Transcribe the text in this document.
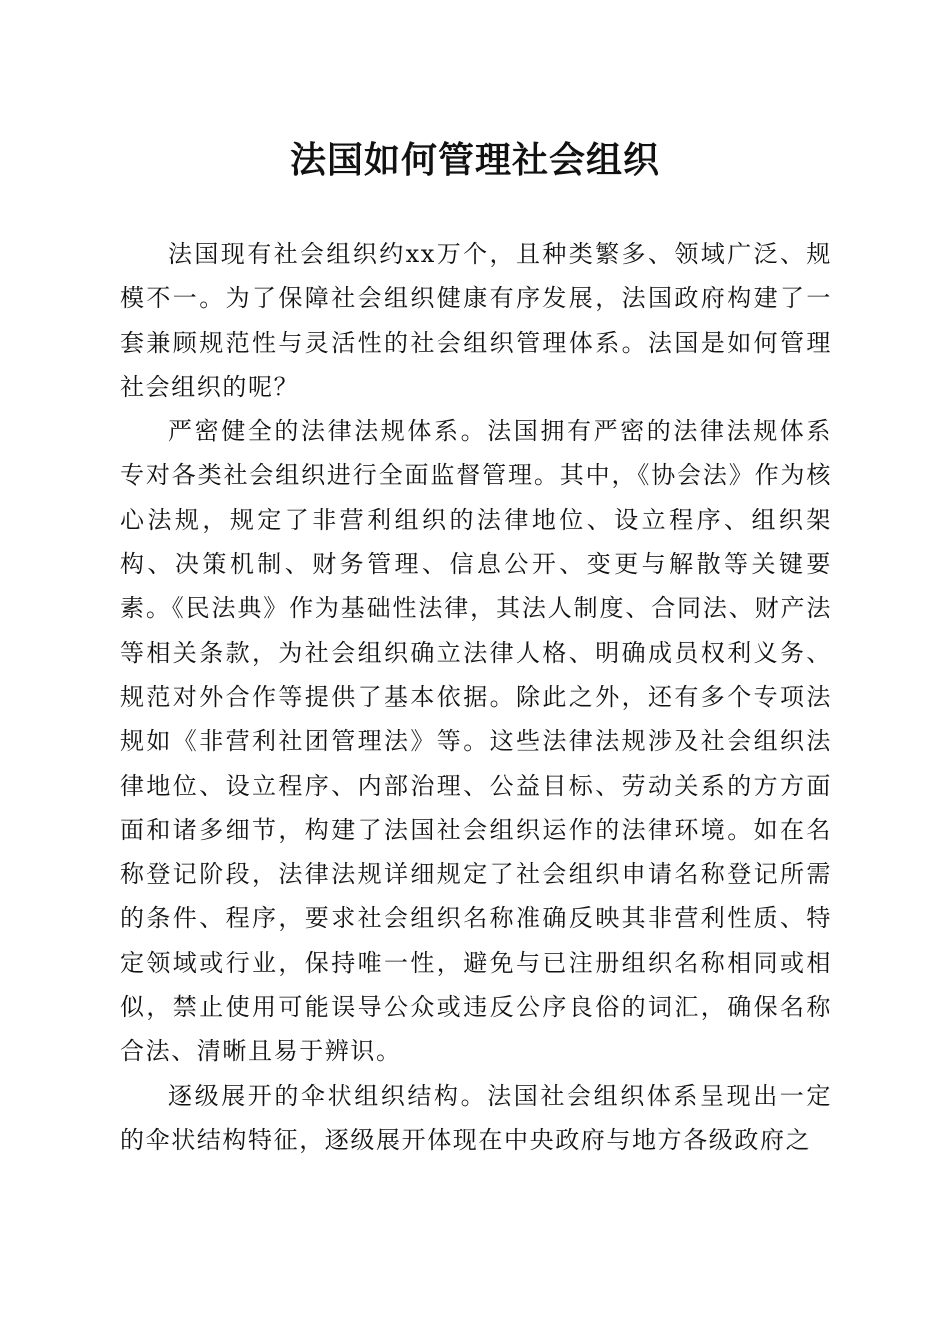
法国如何管理社会组织

法国现有社会组织约xx万个，且种类繁多、领域广泛、规模不一。为了保障社会组织健康有序发展，法国政府构建了一套兼顾规范性与灵活性的社会组织管理体系。法国是如何管理社会组织的呢？

严密健全的法律法规体系。法国拥有严密的法律法规体系专对各类社会组织进行全面监督管理。其中，《协会法》作为核心法规，规定了非营利组织的法律地位、设立程序、组织架构、决策机制、财务管理、信息公开、变更与解散等关键要素。《民法典》作为基础性法律，其法人制度、合同法、财产法等相关条款，为社会组织确立法律人格、明确成员权利义务、规范对外合作等提供了基本依据。除此之外，还有多个专项法规如《非营利社团管理法》等。这些法律法规涉及社会组织法律地位、设立程序、内部治理、公益目标、劳动关系的方方面面和诸多细节，构建了法国社会组织运作的法律环境。如在名称登记阶段，法律法规详细规定了社会组织申请名称登记所需的条件、程序，要求社会组织名称准确反映其非营利性质、特定领域或行业，保持唯一性，避免与已注册组织名称相同或相似，禁止使用可能误导公众或违反公序良俗的词汇，确保名称合法、清晰且易于辨识。

逐级展开的伞状组织结构。法国社会组织体系呈现出一定的伞状结构特征，逐级展开体现在中央政府与地方各级政府之
